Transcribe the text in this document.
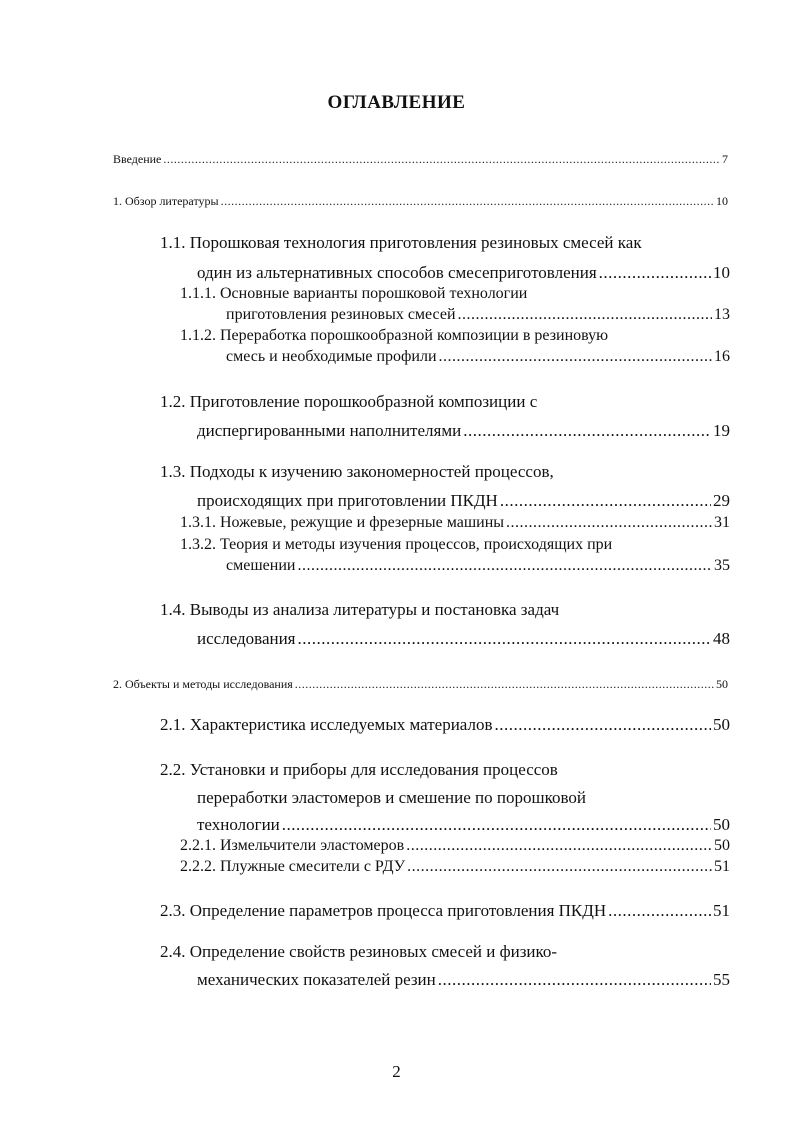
ОГЛАВЛЕНИЕ
Введение .....	7
1. Обзор литературы .....	10
1.1. Порошковая технология приготовления резиновых смесей как
один из альтернативных способов смесеприготовления .....	10
1.1.1. Основные варианты порошковой технологии
приготовления резиновых смесей .....	13
1.1.2. Переработка порошкообразной композиции в резиновую
смесь и необходимые профили .....	16
1.2. Приготовление порошкообразной композиции с
диспергированными наполнителями .....	19
1.3. Подходы к изучению закономерностей процессов,
происходящих при приготовлении ПКДН .....	29
1.3.1. Ножевые, режущие и фрезерные машины .....	31
1.3.2. Теория и методы изучения процессов, происходящих при
смешении .....	35
1.4. Выводы из анализа литературы и постановка задач
исследования .....	48
2. Объекты и методы исследования .....	50
2.1. Характеристика исследуемых материалов .....	50
2.2. Установки и приборы для исследования процессов
переработки эластомеров и смешение по порошковой
технологии .....	50
2.2.1. Измельчители эластомеров .....	50
2.2.2. Плужные смесители с РДУ .....	51
2.3. Определение параметров процесса приготовления ПКДН .....	51
2.4. Определение свойств резиновых смесей и физико-
механических показателей резин .....	55
2
